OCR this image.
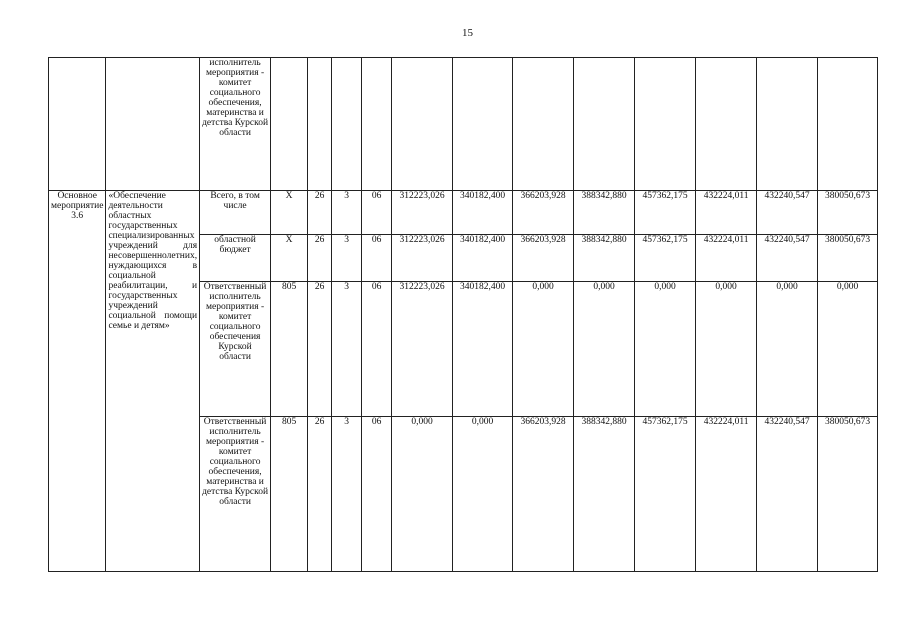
15
		исполнитель мероприятия - комитет социального обеспечения, материнства и детства Курской области												
Основное мероприятие 3.6	«Обеспечение деятельности областных государственных специализированных учреждений для несовершеннолетних, нуждающихся в социальной реабилитации, и государственных учреждений социальной помощи семье и детям»	Всего, в том числе	Х	26	3	06	312223,026	340182,400	366203,928	388342,880	457362,175	432224,011	432240,547	380050,673
		областной бюджет	Х	26	3	06	312223,026	340182,400	366203,928	388342,880	457362,175	432224,011	432240,547	380050,673
		Ответственный исполнитель мероприятия - комитет социального обеспечения Курской области	805	26	3	06	312223,026	340182,400	0,000	0,000	0,000	0,000	0,000	0,000
		Ответственный исполнитель мероприятия - комитет социального обеспечения, материнства и детства Курской области	805	26	3	06	0,000	0,000	366203,928	388342,880	457362,175	432224,011	432240,547	380050,673
